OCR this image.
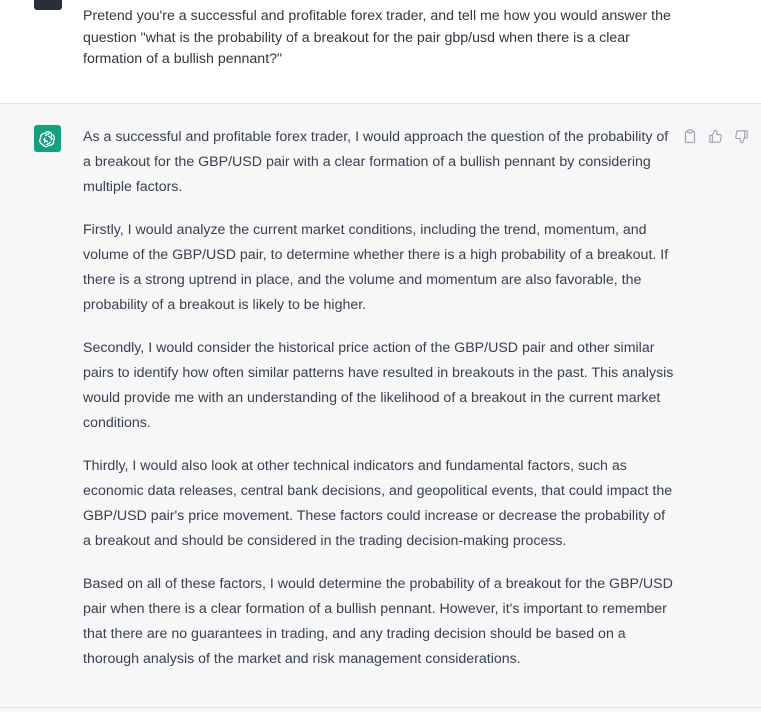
Pretend you're a successful and profitable forex trader, and tell me how you would answer the question "what is the probability of a breakout for the pair gbp/usd when there is a clear formation of a bullish pennant?"

As a successful and profitable forex trader, I would approach the question of the probability of a breakout for the GBP/USD pair with a clear formation of a bullish pennant by considering multiple factors.

Firstly, I would analyze the current market conditions, including the trend, momentum, and volume of the GBP/USD pair, to determine whether there is a high probability of a breakout. If there is a strong uptrend in place, and the volume and momentum are also favorable, the probability of a breakout is likely to be higher.

Secondly, I would consider the historical price action of the GBP/USD pair and other similar pairs to identify how often similar patterns have resulted in breakouts in the past. This analysis would provide me with an understanding of the likelihood of a breakout in the current market conditions.

Thirdly, I would also look at other technical indicators and fundamental factors, such as economic data releases, central bank decisions, and geopolitical events, that could impact the GBP/USD pair's price movement. These factors could increase or decrease the probability of a breakout and should be considered in the trading decision-making process.

Based on all of these factors, I would determine the probability of a breakout for the GBP/USD pair when there is a clear formation of a bullish pennant. However, it's important to remember that there are no guarantees in trading, and any trading decision should be based on a thorough analysis of the market and risk management considerations.
